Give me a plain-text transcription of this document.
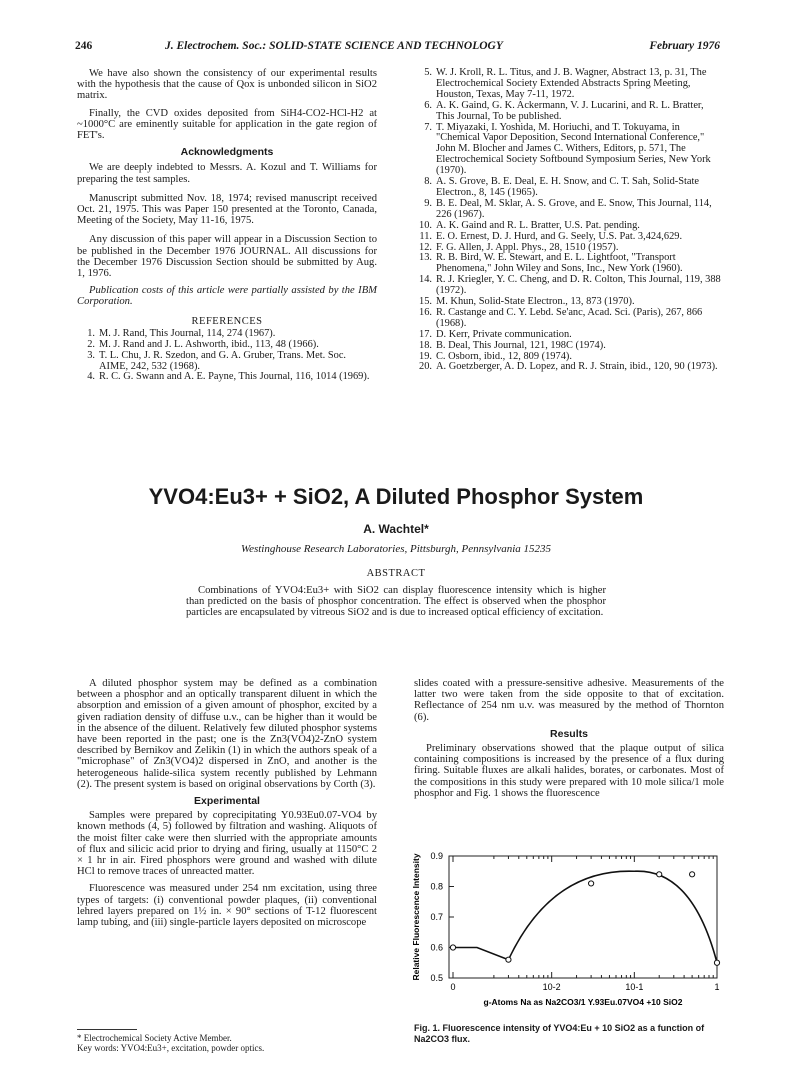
246	J. Electrochem. Soc.: SOLID-STATE SCIENCE AND TECHNOLOGY	February 1976

We have also shown the consistency of our experimental results with the hypothesis that the cause of Qox is unbonded silicon in SiO2 matrix.

Finally, the CVD oxides deposited from SiH4-CO2-HCl-H2 at ~1000°C are eminently suitable for application in the gate region of FET's.

Acknowledgments

We are deeply indebted to Messrs. A. Kozul and T. Williams for preparing the test samples.

Manuscript submitted Nov. 18, 1974; revised manuscript received Oct. 21, 1975. This was Paper 150 presented at the Toronto, Canada, Meeting of the Society, May 11-16, 1975.

Any discussion of this paper will appear in a Discussion Section to be published in the December 1976 JOURNAL. All discussions for the December 1976 Discussion Section should be submitted by Aug. 1, 1976.

Publication costs of this article were partially assisted by the IBM Corporation.

REFERENCES
1. M. J. Rand, This Journal, 114, 274 (1967).
2. M. J. Rand and J. L. Ashworth, ibid., 113, 48 (1966).
3. T. L. Chu, J. R. Szedon, and G. A. Gruber, Trans. Met. Soc. AIME, 242, 532 (1968).
4. R. C. G. Swann and A. E. Payne, This Journal, 116, 1014 (1969).
5. W. J. Kroll, R. L. Titus, and J. B. Wagner, Abstract 13, p. 31, The Electrochemical Society Extended Abstracts Spring Meeting, Houston, Texas, May 7-11, 1972.
6. A. K. Gaind, G. K. Ackermann, V. J. Lucarini, and R. L. Bratter, This Journal, To be published.
7. T. Miyazaki, I. Yoshida, M. Horiuchi, and T. Tokuyama, in "Chemical Vapor Deposition, Second International Conference," John M. Blocher and James C. Withers, Editors, p. 571, The Electrochemical Society Softbound Symposium Series, New York (1970).
8. A. S. Grove, B. E. Deal, E. H. Snow, and C. T. Sah, Solid-State Electron., 8, 145 (1965).
9. B. E. Deal, M. Sklar, A. S. Grove, and E. Snow, This Journal, 114, 226 (1967).
10. A. K. Gaind and R. L. Bratter, U.S. Pat. pending.
11. E. O. Ernest, D. J. Hurd, and G. Seely, U.S. Pat. 3,424,629.
12. F. G. Allen, J. Appl. Phys., 28, 1510 (1957).
13. R. B. Bird, W. E. Stewart, and E. L. Lightfoot, "Transport Phenomena," John Wiley and Sons, Inc., New York (1960).
14. R. J. Kriegler, Y. C. Cheng, and D. R. Colton, This Journal, 119, 388 (1972).
15. M. Khun, Solid-State Electron., 13, 873 (1970).
16. R. Castange and C. Y. Lebd. Se'anc, Acad. Sci. (Paris), 267, 866 (1968).
17. D. Kerr, Private communication.
18. B. Deal, This Journal, 121, 198C (1974).
19. C. Osborn, ibid., 12, 809 (1974).
20. A. Goetzberger, A. D. Lopez, and R. J. Strain, ibid., 120, 90 (1973).
YVO4:Eu3+ + SiO2, A Diluted Phosphor System
A. Wachtel*
Westinghouse Research Laboratories, Pittsburgh, Pennsylvania 15235
ABSTRACT
Combinations of YVO4:Eu3+ with SiO2 can display fluorescence intensity which is higher than predicted on the basis of phosphor concentration. The effect is observed when the phosphor particles are encapsulated by vitreous SiO2 and is due to increased optical efficiency of excitation.

A diluted phosphor system may be defined as a combination between a phosphor and an optically transparent diluent in which the absorption and emission of a given amount of phosphor, excited by a given radiation density of diffuse u.v., can be higher than it would be in the absence of the diluent. Relatively few diluted phosphor systems have been reported in the past; one is the Zn3(VO4)2-ZnO system described by Bernikov and Zelikin (1) in which the authors speak of a "microphase" of Zn3(VO4)2 dispersed in ZnO, and another is the heterogeneous halide-silica system recently published by Lehmann (2). The present system is based on original observations by Corth (3).

Experimental

Samples were prepared by coprecipitating Y0.93Eu0.07-VO4 by known methods (4, 5) followed by filtration and washing. Aliquots of the moist filter cake were then slurried with the appropriate amounts of flux and silicic acid prior to drying and firing, usually at 1150°C 2 × 1 hr in air. Fired phosphors were ground and washed with dilute HCl to remove traces of unreacted matter.

Fluorescence was measured under 254 nm excitation, using three types of targets: (i) conventional powder plaques, (ii) conventional lehred layers prepared on 1½ in. × 90° sections of T-12 fluorescent lamp tubing, and (iii) single-particle layers deposited on microscope

slides coated with a pressure-sensitive adhesive. Measurements of the latter two were taken from the side opposite to that of excitation. Reflectance of 254 nm u.v. was measured by the method of Thornton (6).

Results

Preliminary observations showed that the plaque output of silica containing compositions is increased by the presence of a flux during firing. Suitable fluxes are alkali halides, borates, or carbonates. Most of the compositions in this study were prepared with 10 mole silica/1 mole phosphor and Fig. 1 shows the fluorescence

* Electrochemical Society Active Member.
Key words: YVO4:Eu3+, excitation, powder optics.
0.5
0.6
0.7
0.8
0.9
0	10-2	10-1	1
g-Atoms Na as Na2CO3/1 Y.93Eu.07VO4 +10 SiO2
Relative Fluorescence Intensity
Fig. 1. Fluorescence intensity of YVO4:Eu + 10 SiO2 as a function of Na2CO3 flux.
